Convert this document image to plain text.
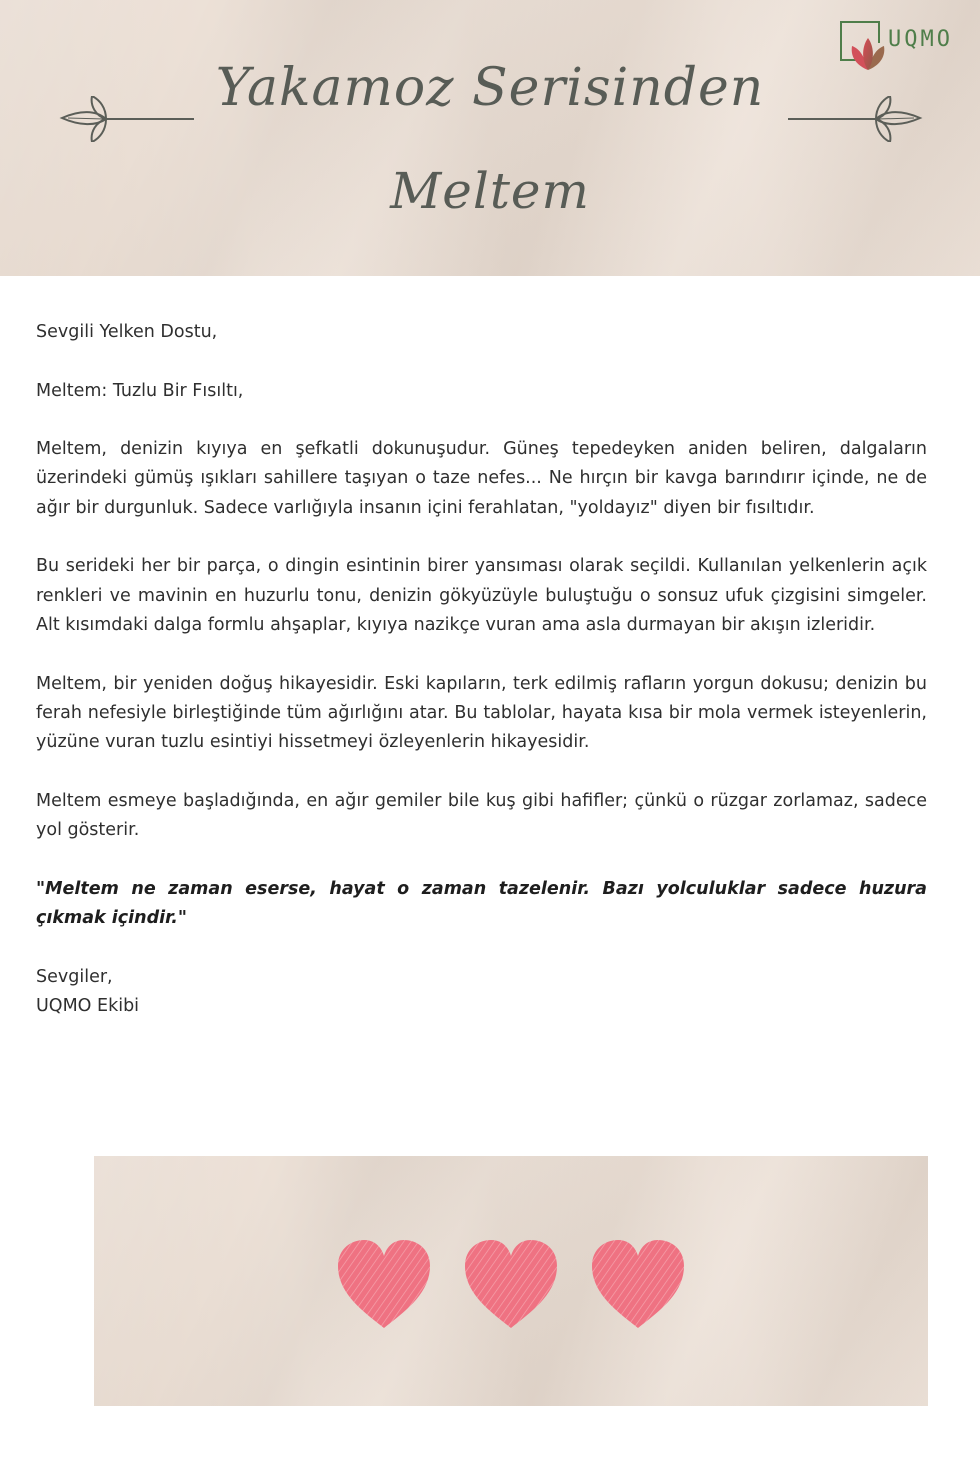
UQMO
Yakamoz Serisinden
Meltem

Sevgili Yelken Dostu,

Meltem: Tuzlu Bir Fısıltı,

Meltem, denizin kıyıya en şefkatli dokunuşudur. Güneş tepedeyken aniden beliren, dalgaların üzerindeki gümüş ışıkları sahillere taşıyan o taze nefes... Ne hırçın bir kavga barındırır içinde, ne de ağır bir durgunluk. Sadece varlığıyla insanın içini ferahlatan, "yoldayız" diyen bir fısıltıdır.

Bu serideki her bir parça, o dingin esintinin birer yansıması olarak seçildi. Kullanılan yelkenlerin açık renkleri ve mavinin en huzurlu tonu, denizin gökyüzüyle buluştuğu o sonsuz ufuk çizgisini simgeler. Alt kısımdaki dalga formlu ahşaplar, kıyıya nazikçe vuran ama asla durmayan bir akışın izleridir.

Meltem, bir yeniden doğuş hikayesidir. Eski kapıların, terk edilmiş rafların yorgun dokusu; denizin bu ferah nefesiyle birleştiğinde tüm ağırlığını atar. Bu tablolar, hayata kısa bir mola vermek isteyenlerin, yüzüne vuran tuzlu esintiyi hissetmeyi özleyenlerin hikayesidir.

Meltem esmeye başladığında, en ağır gemiler bile kuş gibi hafifler; çünkü o rüzgar zorlamaz, sadece yol gösterir.

"Meltem ne zaman eserse, hayat o zaman tazelenir. Bazı yolculuklar sadece huzura çıkmak içindir."

Sevgiler,

UQMO Ekibi
